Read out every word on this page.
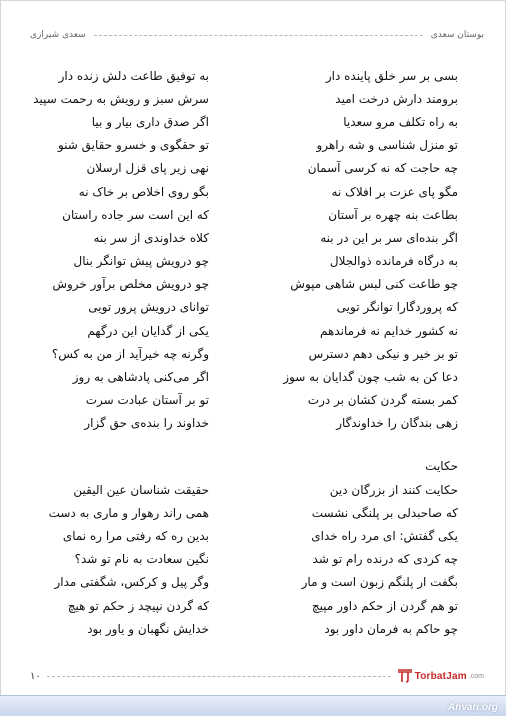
سعدی شیرازی	بوستان سعدی
بسی بر سر خلق پاینده دار
به توفیق طاعت دلش زنده دار
برومند دارش درخت امید
سرش سبز و رویش به رحمت سپید
به راه تکلف مرو سعدیا
اگر صدق داری بیار و بیا
تو منزل شناسی و شه راهرو
تو حقگوی و خسرو حقایق شنو
چه حاجت که نه کرسی آسمان
نهی زیر پای قزل ارسلان
مگو پای عزت بر افلاک نه
بگو روی اخلاص بر خاک نه
بطاعت بنه چهره بر آستان
که این است سر جاده راستان
اگر بنده‌ای سر بر این در بنه
کلاه خداوندی از سر بنه
به درگاه فرمانده ذوالجلال
چو درویش پیش توانگر بنال
چو طاعت کنی لبس شاهی مپوش
چو درویش مخلص برآور خروش
که پروردگارا توانگر تویی
توانای درویش پرور تویی
نه کشور خدایم نه فرماندهم
یکی از گدایان این درگهم
تو بر خیر و نیکی دهم دسترس
وگرنه چه خیرآید از من به کس؟
دعا کن به شب چون گدایان به سوز
اگر می‌کنی پادشاهی به روز
کمر بسته گردن کشان بر درت
تو بر آستان عبادت سرت
زهی بندگان را خداوندگار
خداوند را بنده‌ی حق گزار
حکایت
حکایت کنند از بزرگان دین
حقیقت شناسان عین الیقین
که صاحبدلی بر پلنگی نشست
همی راند رهوار و ماری به دست
یکی گفتش: ای مرد راه خدای
بدین ره که رفتی مرا ره نمای
چه کردی که درنده رام تو شد
نگین سعادت به نام تو شد؟
بگفت ار پلنگم زبون است و مار
وگر پیل و کرکس، شگفتی مدار
تو هم گردن از حکم داور مپیچ
که گردن نپیچد ز حکم تو هیچ
چو حاکم به فرمان داور بود
خدایش نگهبان و یاور بود
١٠	TorbatJam .com
Anvari.org
